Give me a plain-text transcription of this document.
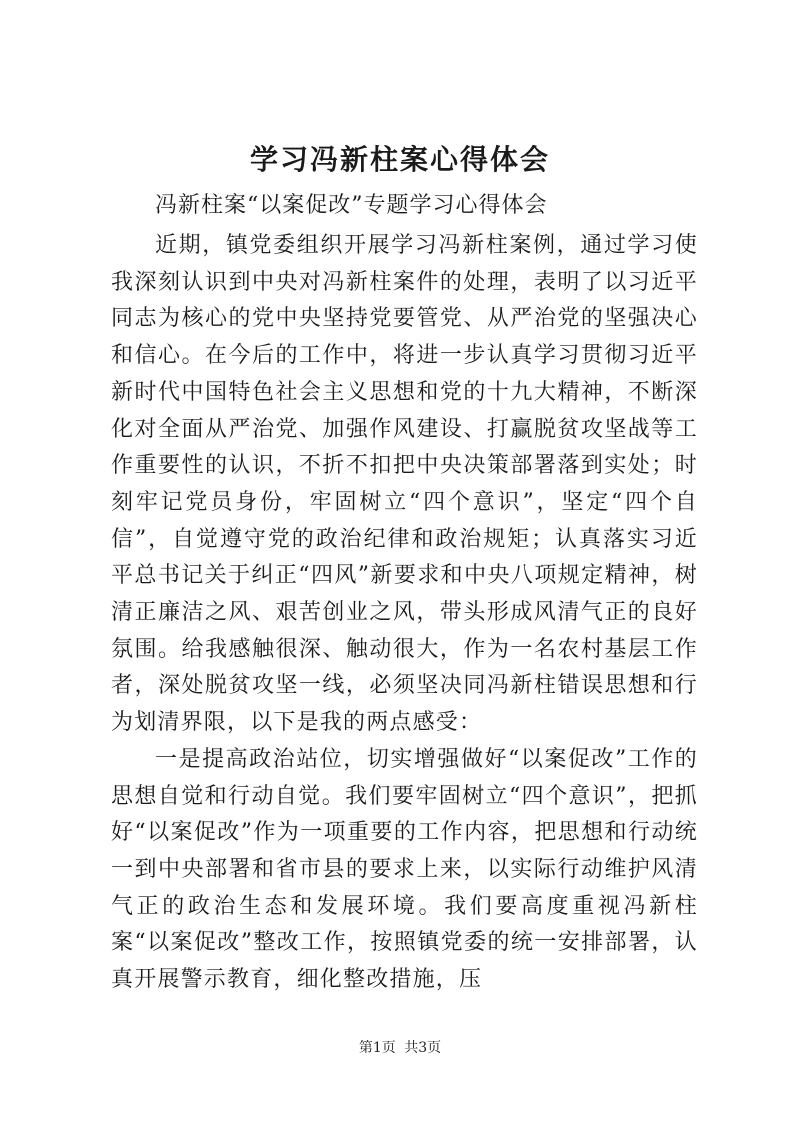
学习冯新柱案心得体会

冯新柱案“以案促改”专题学习心得体会

近期，镇党委组织开展学习冯新柱案例，通过学习使我深刻认识到中央对冯新柱案件的处理，表明了以习近平同志为核心的党中央坚持党要管党、从严治党的坚强决心和信心。在今后的工作中，将进一步认真学习贯彻习近平新时代中国特色社会主义思想和党的十九大精神，不断深化对全面从严治党、加强作风建设、打赢脱贫攻坚战等工作重要性的认识，不折不扣把中央决策部署落到实处；时刻牢记党员身份，牢固树立“四个意识”，坚定“四个自信”，自觉遵守党的政治纪律和政治规矩；认真落实习近平总书记关于纠正“四风”新要求和中央八项规定精神，树清正廉洁之风、艰苦创业之风，带头形成风清气正的良好氛围。给我感触很深、触动很大，作为一名农村基层工作者，深处脱贫攻坚一线，必须坚决同冯新柱错误思想和行为划清界限，以下是我的两点感受：

一是提高政治站位，切实增强做好“以案促改”工作的思想自觉和行动自觉。我们要牢固树立“四个意识”，把抓好“以案促改”作为一项重要的工作内容，把思想和行动统一到中央部署和省市县的要求上来，以实际行动维护风清气正的政治生态和发展环境。我们要高度重视冯新柱案“以案促改”整改工作，按照镇党委的统一安排部署，认真开展警示教育，细化整改措施，压

第1页 共3页
